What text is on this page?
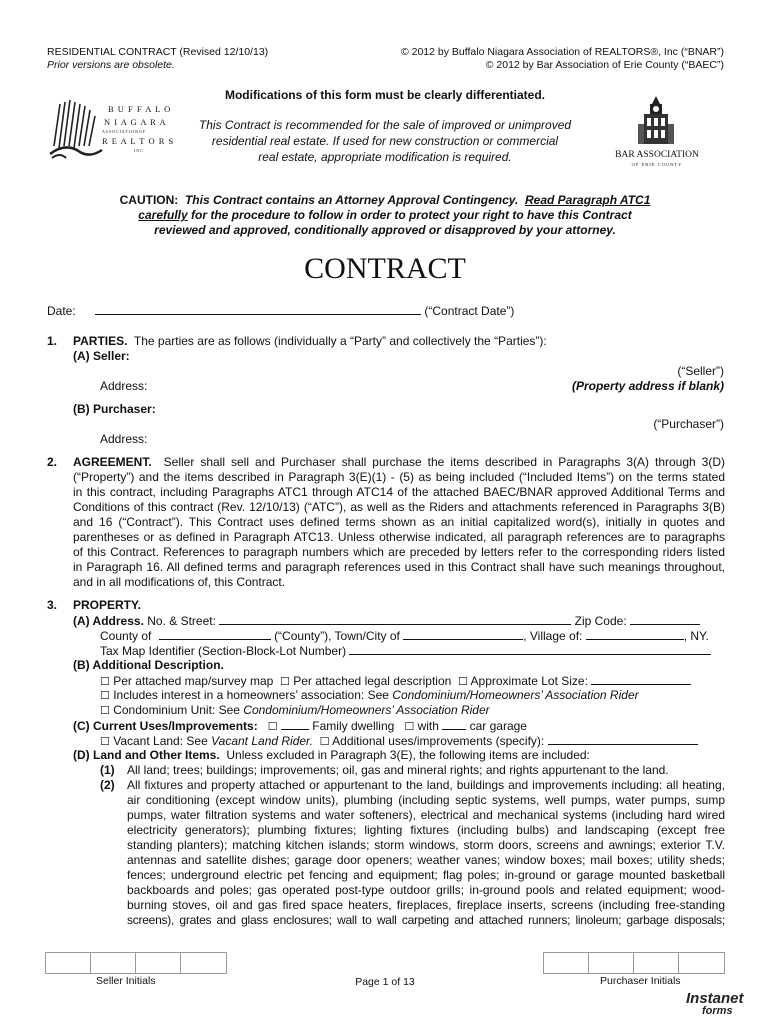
RESIDENTIAL CONTRACT (Revised 12/10/13)
Prior versions are obsolete.
© 2012 by Buffalo Niagara Association of REALTORS®, Inc (“BNAR”)
© 2012 by Bar Association of Erie County (“BAEC”)
B U F F A L O
N I A G A R A
A S S O C I A T I O N O F
R E A L T O R S
I N C	BAR ASSOCIATION
OF ERIE COUNTY
Modifications of this form must be clearly differentiated.
This Contract is recommended for the sale of improved or unimproved
residential real estate. If used for new construction or commercial
real estate, appropriate modification is required.
CAUTION: This Contract contains an Attorney Approval Contingency. Read Paragraph ATC1
carefully for the procedure to follow in order to protect your right to have this Contract
reviewed and approved, conditionally approved or disapproved by your attorney.
CONTRACT
Date:	(“Contract Date”)
1. PARTIES. The parties are as follows (individually a “Party” and collectively the “Parties”):
(A) Seller:
(“Seller”)
Address:	(Property address if blank)
(B) Purchaser:
(“Purchaser”)
Address:
2. AGREEMENT. Seller shall sell and Purchaser shall purchase the items described in Paragraphs 3(A) through 3(D)
(“Property”) and the items described in Paragraph 3(E)(1) - (5) as being included (“Included Items”) on the terms stated
in this contract, including Paragraphs ATC1 through ATC14 of the attached BAEC/BNAR approved Additional Terms and
Conditions of this contract (Rev. 12/10/13) (“ATC”), as well as the Riders and attachments referenced in Paragraphs 3(B)
and 16 (“Contract”). This Contract uses defined terms shown as an initial capitalized word(s), initially in quotes and
parentheses or as defined in Paragraph ATC13. Unless otherwise indicated, all paragraph references are to paragraphs
of this Contract. References to paragraph numbers which are preceded by letters refer to the corresponding riders listed
in Paragraph 16. All defined terms and paragraph references used in this Contract shall have such meanings throughout,
and in all modifications of, this Contract.
3. PROPERTY.
(A) Address. No. & Street:	Zip Code:
County of	(“County”), Town/City of	, Village of:	, NY.
Tax Map Identifier (Section-Block-Lot Number)
(B) Additional Description.
☐ Per attached map/survey map ☐ Per attached legal description ☐ Approximate Lot Size:
☐ Includes interest in a homeowners’ association: See Condominium/Homeowners’ Association Rider
☐ Condominium Unit: See Condominium/Homeowners’ Association Rider
(C) Current Uses/Improvements: ☐	Family dwelling ☐ with	car garage
☐ Vacant Land: See Vacant Land Rider. ☐ Additional uses/improvements (specify):
(D) Land and Other Items. Unless excluded in Paragraph 3(E), the following items are included:
(1) All land; trees; buildings; improvements; oil, gas and mineral rights; and rights appurtenant to the land.
(2) All fixtures and property attached or appurtenant to the land, buildings and improvements including: all heating,
air conditioning (except window units), plumbing (including septic systems, well pumps, water pumps, sump
pumps, water filtration systems and water softeners), electrical and mechanical systems (including hard wired
electricity generators); plumbing fixtures; lighting fixtures (including bulbs) and landscaping (except free
standing planters); matching kitchen islands; storm windows, storm doors, screens and awnings; exterior T.V.
antennas and satellite dishes; garage door openers; weather vanes; window boxes; mail boxes; utility sheds;
fences; underground electric pet fencing and equipment; flag poles; in-ground or garage mounted basketball
backboards and poles; gas operated post-type outdoor grills; in-ground pools and related equipment; wood-
burning stoves, oil and gas fired space heaters, fireplaces, fireplace inserts, screens (including free-standing
screens), grates and glass enclosures; wall to wall carpeting and attached runners; linoleum; garbage disposals;
Seller Initials	Page 1 of 13	Purchaser Initials
Instanet
forms
